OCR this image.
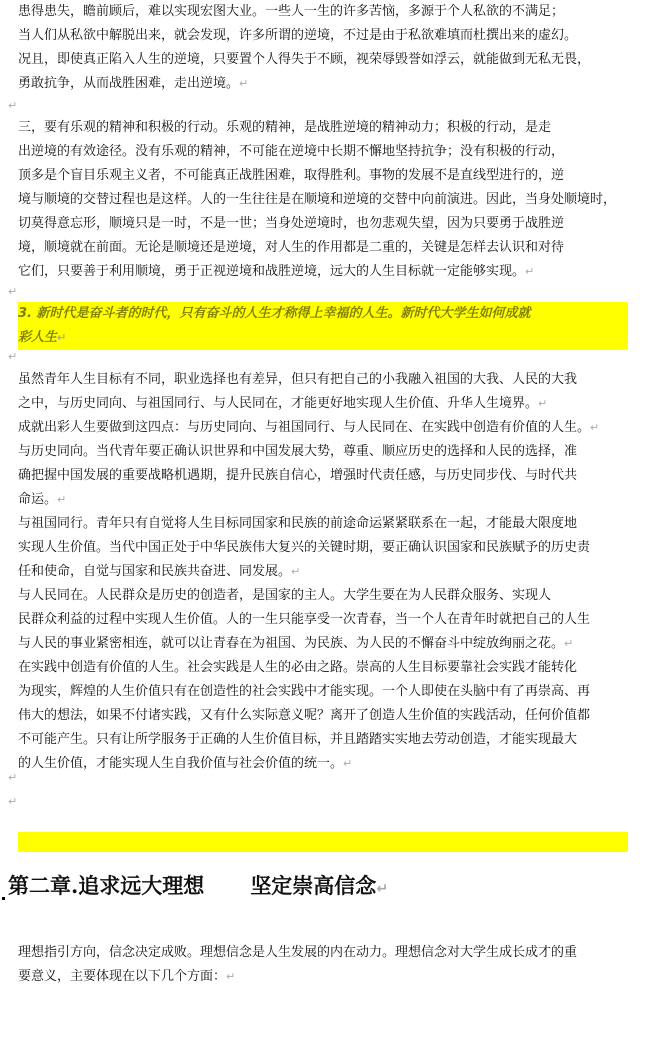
患得患失，瞻前顾后，难以实现宏图大业。一些人一生的许多苦恼，多源于个人私欲的不满足；

当人们从私欲中解脱出来，就会发现，许多所谓的逆境，不过是由于私欲难填而杜撰出来的虚幻。

况且，即使真正陷入人生的逆境，只要置个人得失于不顾，视荣辱毁誉如浮云，就能做到无私无畏，

勇敢抗争，从而战胜困难，走出逆境。↵

↵

三，要有乐观的精神和积极的行动。乐观的精神，是战胜逆境的精神动力；积极的行动，是走

出逆境的有效途径。没有乐观的精神，不可能在逆境中长期不懈地坚持抗争；没有积极的行动，

顶多是个盲目乐观主义者，不可能真正战胜困难，取得胜利。事物的发展不是直线型进行的，逆

境与顺境的交替过程也是这样。人的一生往往是在顺境和逆境的交替中向前演进。因此，当身处顺境时，

切莫得意忘形，顺境只是一时，不是一世；当身处逆境时，也勿悲观失望，因为只要勇于战胜逆

境，顺境就在前面。无论是顺境还是逆境，对人生的作用都是二重的，关键是怎样去认识和对待

它们，只要善于利用顺境，勇于正视逆境和战胜逆境，远大的人生目标就一定能够实现。↵

↵
3. 新时代是奋斗者的时代，只有奋斗的人生才称得上幸福的人生。新时代大学生如何成就
彩人生↵
↵

虽然青年人生目标有不同，职业选择也有差异，但只有把自己的小我融入祖国的大我、人民的大我

之中，与历史同向、与祖国同行、与人民同在，才能更好地实现人生价值、升华人生境界。↵

成就出彩人生要做到这四点：与历史同向、与祖国同行、与人民同在、在实践中创造有价值的人生。↵

与历史同向。当代青年要正确认识世界和中国发展大势，尊重、顺应历史的选择和人民的选择，准

确把握中国发展的重要战略机遇期，提升民族自信心，增强时代责任感，与历史同步伐、与时代共

命运。↵

与祖国同行。青年只有自觉将人生目标同国家和民族的前途命运紧紧联系在一起，才能最大限度地

实现人生价值。当代中国正处于中华民族伟大复兴的关键时期，要正确认识国家和民族赋予的历史责

任和使命，自觉与国家和民族共奋进、同发展。↵

与人民同在。人民群众是历史的创造者，是国家的主人。大学生要在为人民群众服务、实现人

民群众利益的过程中实现人生价值。人的一生只能享受一次青春，当一个人在青年时就把自己的人生

与人民的事业紧密相连，就可以让青春在为祖国、为民族、为人民的不懈奋斗中绽放绚丽之花。↵

在实践中创造有价值的人生。社会实践是人生的必由之路。崇高的人生目标要靠社会实践才能转化

为现实，辉煌的人生价值只有在创造性的社会实践中才能实现。一个人即使在头脑中有了再崇高、再

伟大的想法，如果不付诸实践，又有什么实际意义呢？离开了创造人生价值的实践活动，任何价值都

不可能产生。只有让所学服务于正确的人生价值目标，并且踏踏实实地去劳动创造，才能实现最大

的人生价值，才能实现人生自我价值与社会价值的统一。↵

↵
↵
第二章.追求远大理想 坚定崇高信念↵

理想指引方向，信念决定成败。理想信念是人生发展的内在动力。理想信念对大学生成长成才的重

要意义，主要体现在以下几个方面：↵
